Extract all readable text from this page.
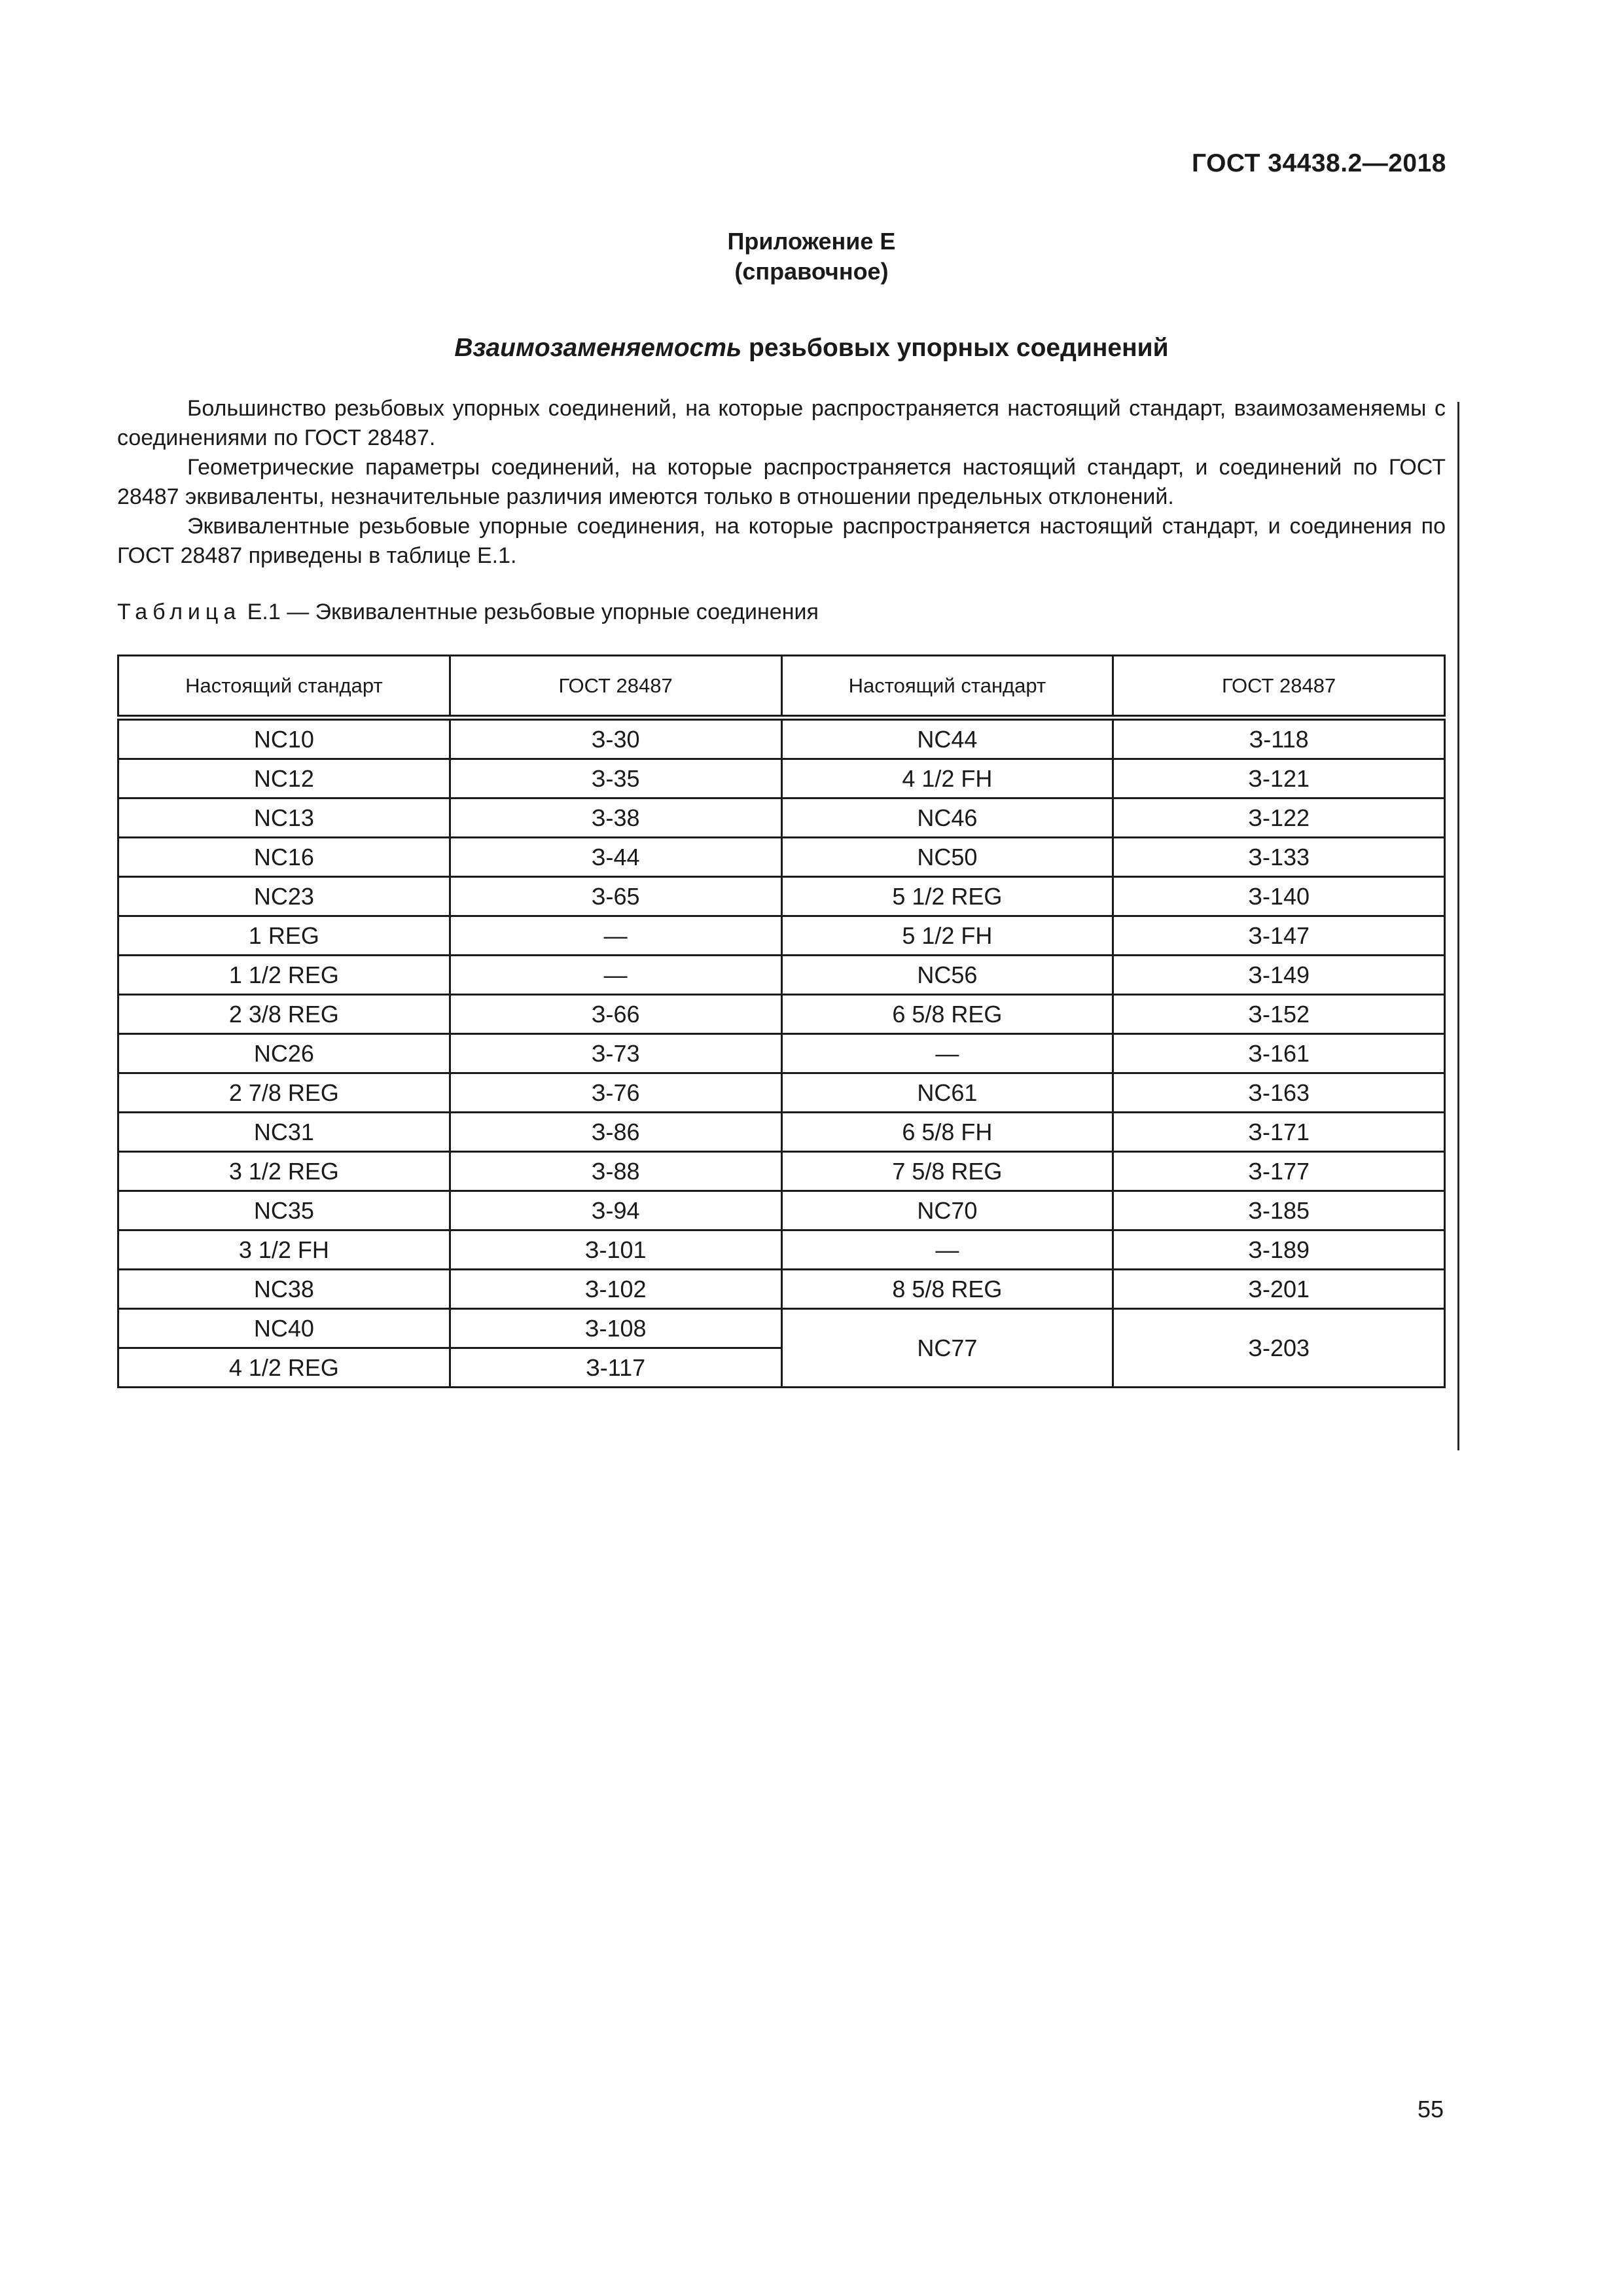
ГОСТ 34438.2—2018
Приложение Е
(справочное)
Взаимозаменяемость резьбовых упорных соединений

Большинство резьбовых упорных соединений, на которые распространяется настоящий стандарт, взаимозаменяемы с соединениями по ГОСТ 28487.

Геометрические параметры соединений, на которые распространяется настоящий стандарт, и соединений по ГОСТ 28487 эквиваленты, незначительные различия имеются только в отношении предельных отклонений.

Эквивалентные резьбовые упорные соединения, на которые распространяется настоящий стандарт, и соединения по ГОСТ 28487 приведены в таблице Е.1.

Таблица Е.1 — Эквивалентные резьбовые упорные соединения
Настоящий стандарт	ГОСТ 28487	Настоящий стандарт	ГОСТ 28487
NC10	З-30	NC44	З-118
NC12	З-35	4 1/2 FH	З-121
NC13	З-38	NC46	З-122
NC16	З-44	NC50	З-133
NC23	З-65	5 1/2 REG	З-140
1 REG	—	5 1/2 FH	З-147
1 1/2 REG	—	NC56	З-149
2 3/8 REG	З-66	6 5/8 REG	З-152
NC26	З-73	—	З-161
2 7/8 REG	З-76	NC61	З-163
NC31	З-86	6 5/8 FH	З-171
3 1/2 REG	З-88	7 5/8 REG	З-177
NC35	З-94	NC70	З-185
3 1/2 FH	З-101	—	З-189
NC38	З-102	8 5/8 REG	З-201
NC40	З-108	NC77	З-203
4 1/2 REG	З-117		
55
